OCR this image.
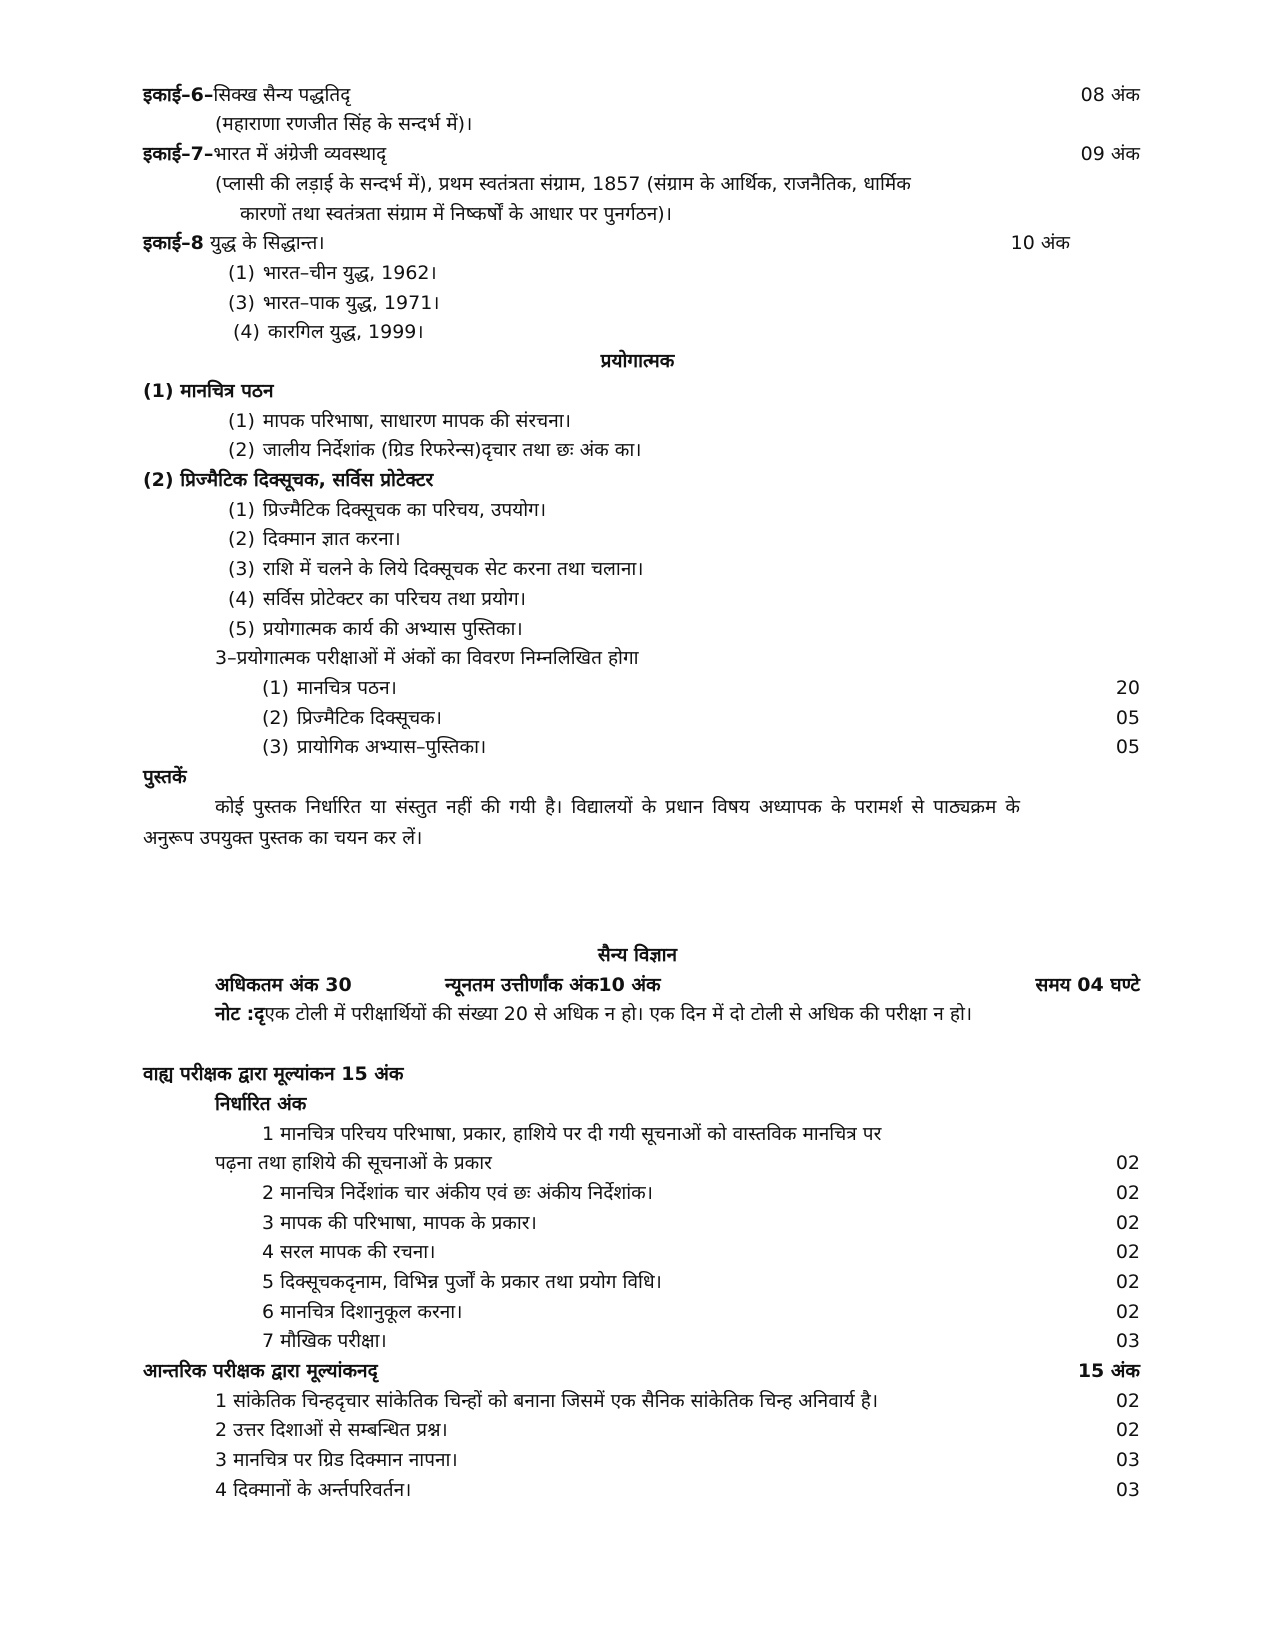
इकाई–6–सिक्ख सैन्य पद्धतिदृ	08 अंक
(महाराणा रणजीत सिंह के सन्दर्भ में)।
इकाई–7–भारत में अंग्रेजी व्यवस्थादृ	09 अंक
(प्लासी की लड़ाई के सन्दर्भ में), प्रथम स्वतंत्रता संग्राम, 1857 (संग्राम के आर्थिक, राजनैतिक, धार्मिक
कारणों तथा स्वतंत्रता संग्राम में निष्कर्षों के आधार पर पुनर्गठन)।
इकाई–8 युद्ध के सिद्धान्त।	10 अंक
(1) भारत–चीन युद्ध, 1962।
(3) भारत–पाक युद्ध, 1971।
(4) कारगिल युद्ध, 1999।
प्रयोगात्मक
(1) मानचित्र पठन
(1) मापक परिभाषा, साधारण मापक की संरचना।
(2) जालीय निर्देशांक (ग्रिड रिफरेन्स)दृचार तथा छः अंक का।
(2) प्रिज्मैटिक दिक्सूचक, सर्विस प्रोटेक्टर
(1) प्रिज्मैटिक दिक्सूचक का परिचय, उपयोग।
(2) दिक्मान ज्ञात करना।
(3) राशि में चलने के लिये दिक्सूचक सेट करना तथा चलाना।
(4) सर्विस प्रोटेक्टर का परिचय तथा प्रयोग।
(5) प्रयोगात्मक कार्य की अभ्यास पुस्तिका।
3–प्रयोगात्मक परीक्षाओं में अंकों का विवरण निम्नलिखित होगा
(1) मानचित्र पठन।	20
(2) प्रिज्मैटिक दिक्सूचक।	05
(3) प्रायोगिक अभ्यास–पुस्तिका।	05
पुस्तकें
कोई पुस्तक निर्धारित या संस्तुत नहीं की गयी है। विद्यालयों के प्रधान विषय अध्यापक के परामर्श से पाठ्यक्रम के अनुरूप उपयुक्त पुस्तक का चयन कर लें।
सैन्य विज्ञान
अधिकतम अंक 30	न्यूनतम उत्तीर्णांक अंक10 अंक	समय 04 घण्टे
नोट :दृएक टोली में परीक्षार्थियों की संख्या 20 से अधिक न हो। एक दिन में दो टोली से अधिक की परीक्षा न हो।
वाह्य परीक्षक द्वारा मूल्यांकन 15 अंक
निर्धारित अंक
1 मानचित्र परिचय परिभाषा, प्रकार, हाशिये पर दी गयी सूचनाओं को वास्तविक मानचित्र पर
पढ़ना तथा हाशिये की सूचनाओं के प्रकार	02
2 मानचित्र निर्देशांक चार अंकीय एवं छः अंकीय निर्देशांक।	02
3 मापक की परिभाषा, मापक के प्रकार।	02
4 सरल मापक की रचना।	02
5 दिक्सूचकदृनाम, विभिन्न पुर्जों के प्रकार तथा प्रयोग विधि।	02
6 मानचित्र दिशानुकूल करना।	02
7 मौखिक परीक्षा।	03
आन्तरिक परीक्षक द्वारा मूल्यांकनदृ	15 अंक
1 सांकेतिक चिन्हदृचार सांकेतिक चिन्हों को बनाना जिसमें एक सैनिक सांकेतिक चिन्ह अनिवार्य है।	02
2 उत्तर दिशाओं से सम्बन्धित प्रश्न।	02
3 मानचित्र पर ग्रिड दिक्मान नापना।	03
4 दिक्मानों के अर्न्तपरिवर्तन।	03
